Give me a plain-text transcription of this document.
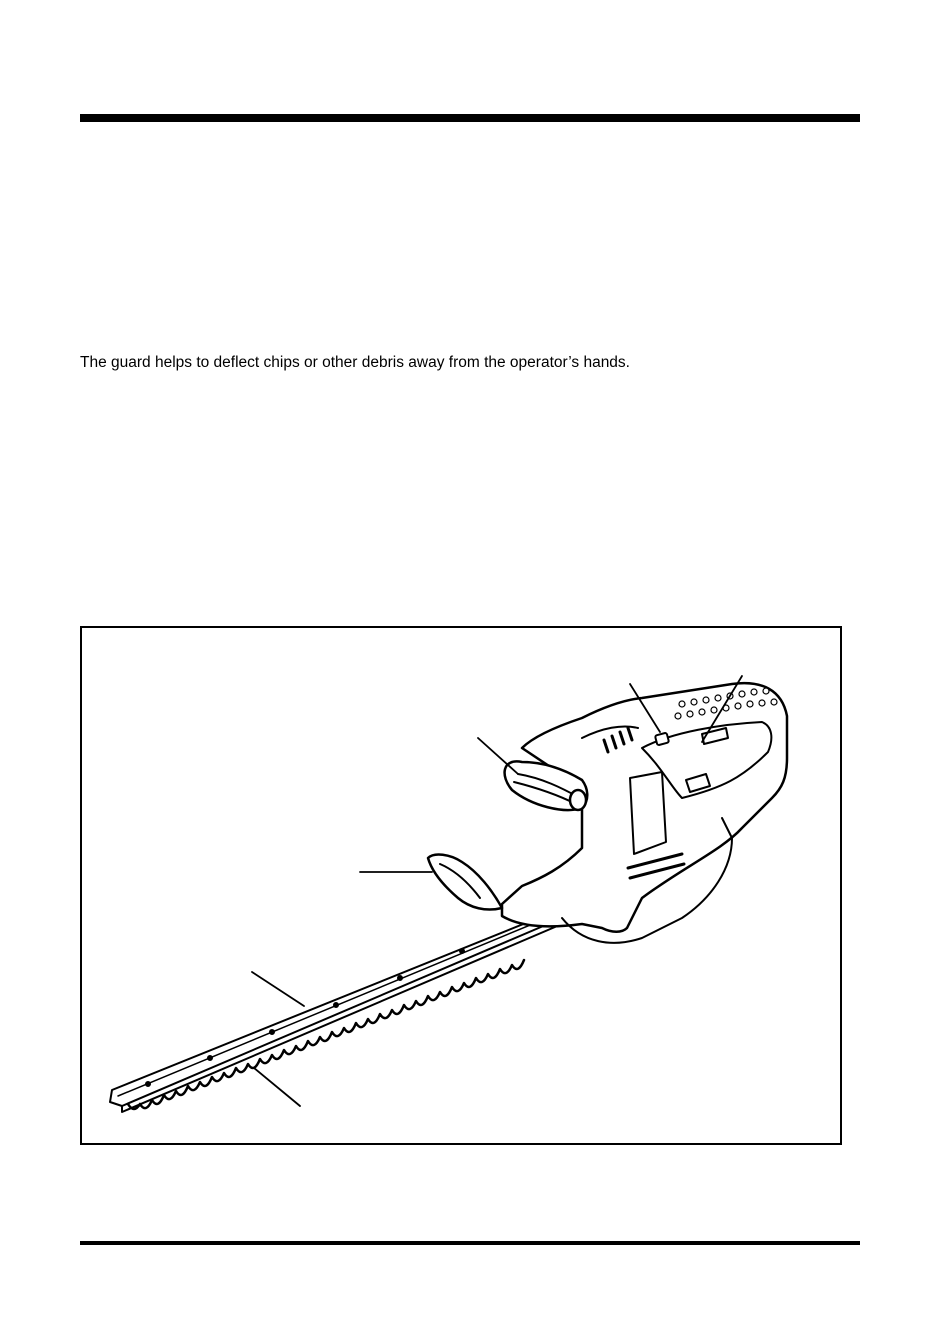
The guard helps to deflect chips or other debris away from the operator’s hands.
